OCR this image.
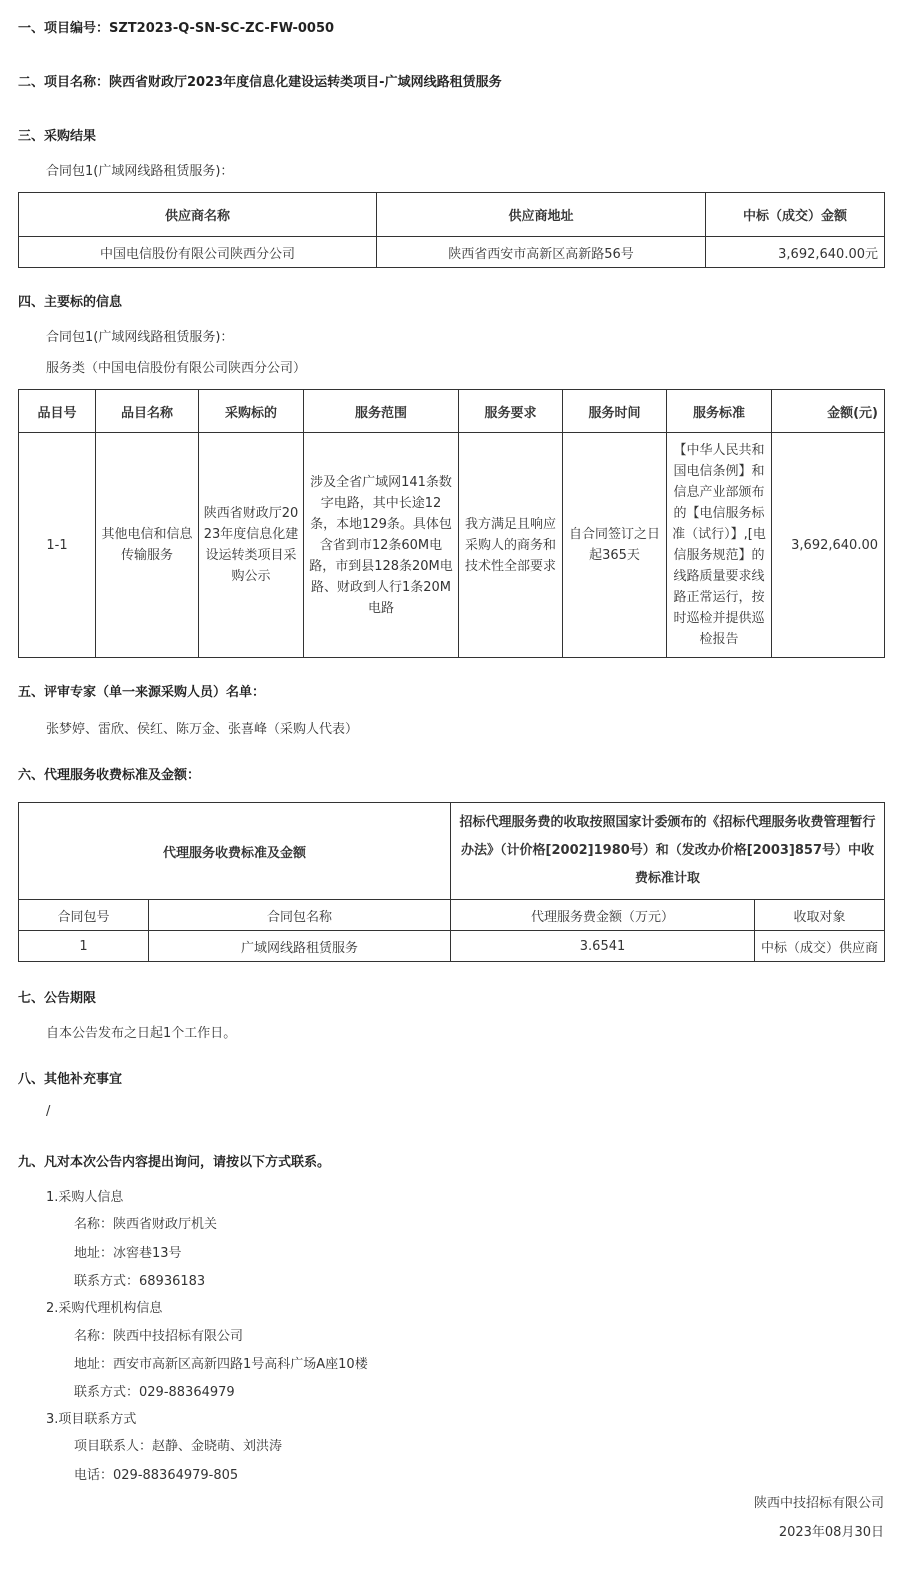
一、项目编号：SZT2023-Q-SN-SC-ZC-FW-0050
二、项目名称：陕西省财政厅2023年度信息化建设运转类项目-广域网线路租赁服务
三、采购结果
合同包1(广域网线路租赁服务)：
供应商名称	供应商地址	中标（成交）金额
中国电信股份有限公司陕西分公司	陕西省西安市高新区高新路56号	3,692,640.00元
四、主要标的信息
合同包1(广域网线路租赁服务)：
服务类（中国电信股份有限公司陕西分公司）
品目号	品目名称	采购标的	服务范围	服务要求	服务时间	服务标准	金额(元)
1-1	其他电信和信息传输服务	陕西省财政厅2023年度信息化建设运转类项目采购公示	涉及全省广域网141条数字电路，其中长途12条，本地129条。具体包含省到市12条60M电路，市到县128条20M电路、财政到人行1条20M电路	我方满足且响应采购人的商务和技术性全部要求	自合同签订之日起365天	【中华人民共和国电信条例】和信息产业部颁布的【电信服务标准（试行）】,[电信服务规范】的线路质量要求线路正常运行，按时巡检并提供巡检报告	3,692,640.00
五、评审专家（单一来源采购人员）名单：
张梦婷、雷欣、侯红、陈万金、张喜峰（采购人代表）
六、代理服务收费标准及金额：
代理服务收费标准及金额		招标代理服务费的收取按照国家计委颁布的《招标代理服务收费管理暂行办法》（计价格[2002]1980号）和（发改办价格[2003]857号）中收费标准计取	
合同包号	合同包名称	代理服务费金额（万元）	收取对象
1	广域网线路租赁服务	3.6541	中标（成交）供应商
七、公告期限
自本公告发布之日起1个工作日。
八、其他补充事宜
/
九、凡对本次公告内容提出询问，请按以下方式联系。
1.采购人信息
名称：陕西省财政厅机关
地址：冰窖巷13号
联系方式：68936183
2.采购代理机构信息
名称：陕西中技招标有限公司
地址：西安市高新区高新四路1号高科广场A座10楼
联系方式：029-88364979
3.项目联系方式
项目联系人：赵静、金晓萌、刘洪涛
电话：029-88364979-805
陕西中技招标有限公司
2023年08月30日
